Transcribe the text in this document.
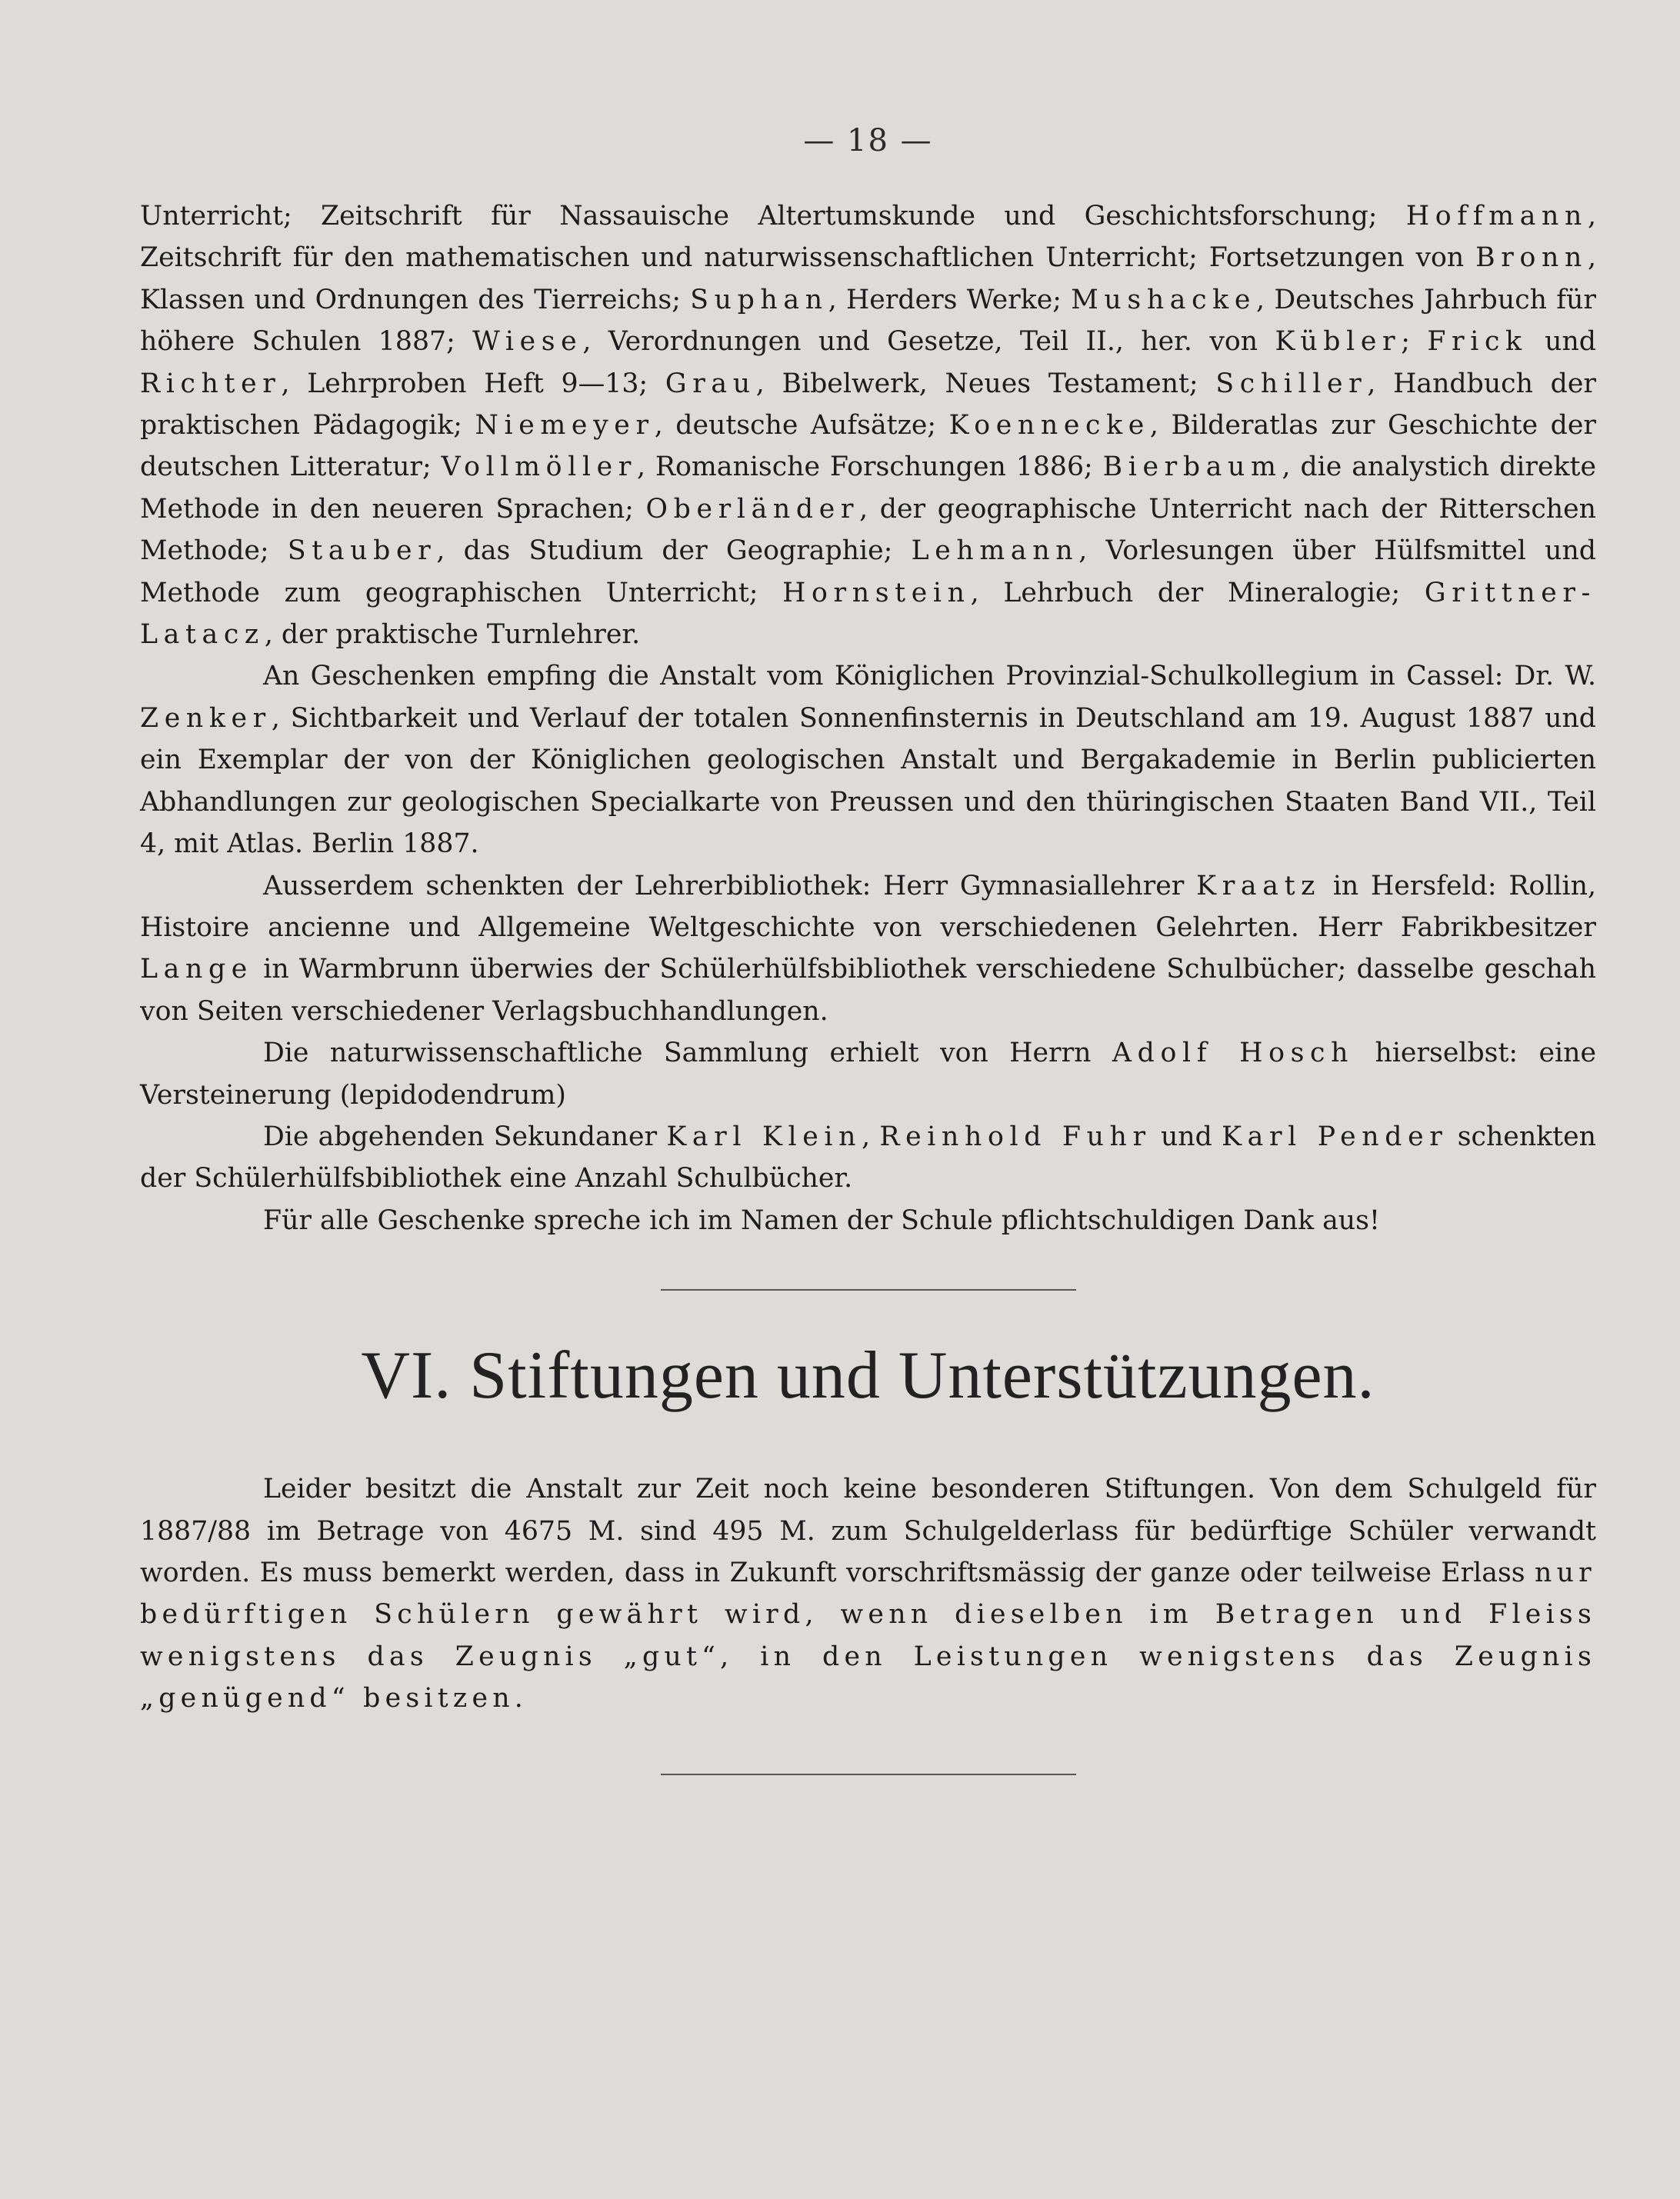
— 18 —

Unterricht; Zeitschrift für Nassauische Altertumskunde und Geschichtsforschung; Hoffmann, Zeitschrift für den mathematischen und naturwissenschaftlichen Unterricht; Fortsetzungen von Bronn, Klassen und Ordnungen des Tierreichs; Suphan, Herders Werke; Mushacke, Deutsches Jahrbuch für höhere Schulen 1887; Wiese, Verordnungen und Gesetze, Teil II., her. von Kübler; Frick und Richter, Lehrproben Heft 9—13; Grau, Bibelwerk, Neues Testament; Schiller, Handbuch der praktischen Pädagogik; Niemeyer, deutsche Aufsätze; Koennecke, Bilderatlas zur Geschichte der deutschen Litteratur; Vollmöller, Romanische Forschungen 1886; Bierbaum, die analystich direkte Methode in den neueren Sprachen; Oberländer, der geographische Unterricht nach der Ritterschen Methode; Stauber, das Studium der Geographie; Lehmann, Vorlesungen über Hülfsmittel und Methode zum geographischen Unterricht; Hornstein, Lehrbuch der Mineralogie; Grittner-Latacz, der praktische Turnlehrer.

An Geschenken empfing die Anstalt vom Königlichen Provinzial-Schulkollegium in Cassel: Dr. W. Zenker, Sichtbarkeit und Verlauf der totalen Sonnenfinsternis in Deutschland am 19. August 1887 und ein Exemplar der von der Königlichen geologischen Anstalt und Bergakademie in Berlin publicierten Abhandlungen zur geologischen Specialkarte von Preussen und den thüringischen Staaten Band VII., Teil 4, mit Atlas. Berlin 1887.

Ausserdem schenkten der Lehrerbibliothek: Herr Gymnasiallehrer Kraatz in Hersfeld: Rollin, Histoire ancienne und Allgemeine Weltgeschichte von verschiedenen Gelehrten. Herr Fabrikbesitzer Lange in Warmbrunn überwies der Schülerhülfsbibliothek verschiedene Schulbücher; dasselbe geschah von Seiten verschiedener Verlagsbuchhandlungen.

Die naturwissenschaftliche Sammlung erhielt von Herrn Adolf Hosch hierselbst: eine Versteinerung (lepidodendrum)

Die abgehenden Sekundaner Karl Klein, Reinhold Fuhr und Karl Pender schenkten der Schülerhülfsbibliothek eine Anzahl Schulbücher.

Für alle Geschenke spreche ich im Namen der Schule pflichtschuldigen Dank aus!

VI. Stiftungen und Unterstützungen.

Leider besitzt die Anstalt zur Zeit noch keine besonderen Stiftungen. Von dem Schulgeld für 1887/88 im Betrage von 4675 M. sind 495 M. zum Schulgelderlass für bedürftige Schüler verwandt worden. Es muss bemerkt werden, dass in Zukunft vorschriftsmässig der ganze oder teilweise Erlass nur bedürftigen Schülern gewährt wird, wenn dieselben im Betragen und Fleiss wenigstens das Zeugnis „gut“, in den Leistungen wenigstens das Zeugnis „genügend“ besitzen.
